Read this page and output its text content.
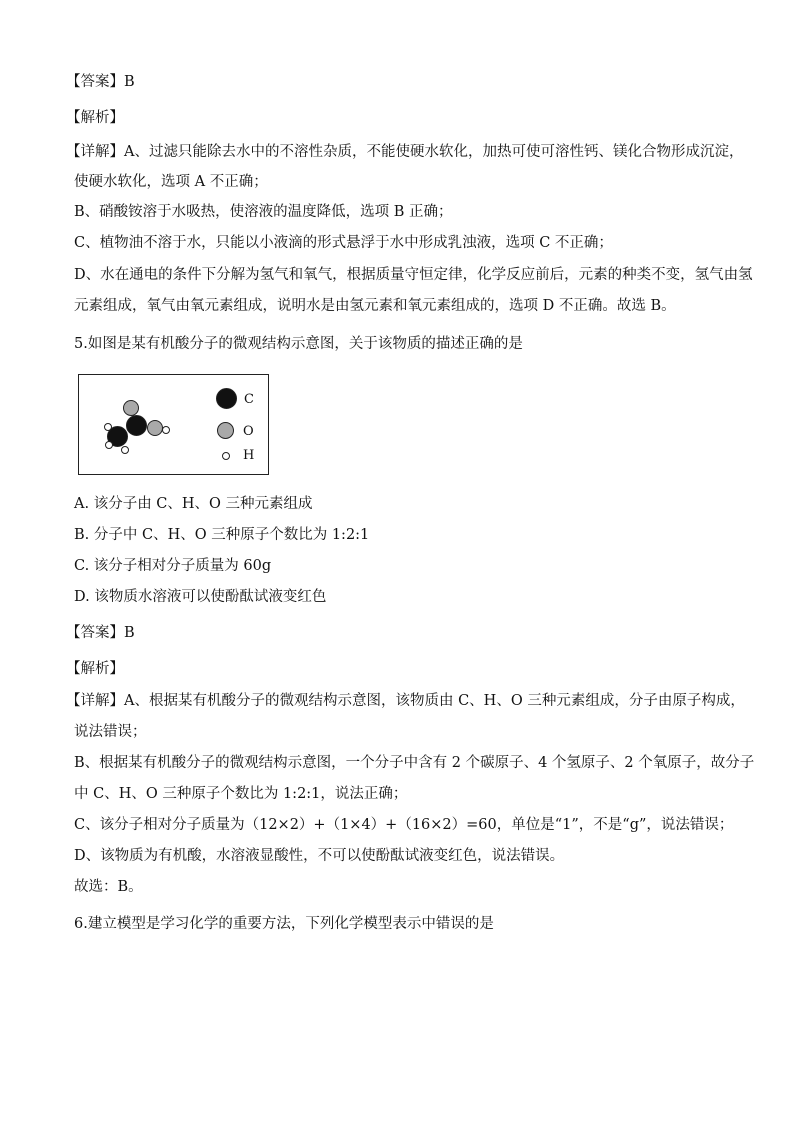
【答案】B
【解析】
【详解】A、过滤只能除去水中的不溶性杂质，不能使硬水软化，加热可使可溶性钙、镁化合物形成沉淀，
使硬水软化，选项 A 不正确；
B、硝酸铵溶于水吸热，使溶液的温度降低，选项 B 正确；
C、植物油不溶于水，只能以小液滴的形式悬浮于水中形成乳浊液，选项 C 不正确；
D、水在通电的条件下分解为氢气和氧气，根据质量守恒定律，化学反应前后，元素的种类不变，氢气由氢
元素组成，氧气由氧元素组成，说明水是由氢元素和氧元素组成的，选项 D 不正确。故选 B。
5.如图是某有机酸分子的微观结构示意图，关于该物质的描述正确的是
C
O
H
A. 该分子由 C、H、O 三种元素组成
B. 分子中 C、H、O 三种原子个数比为 1:2:1
C. 该分子相对分子质量为 60g
D. 该物质水溶液可以使酚酞试液变红色
【答案】B
【解析】
【详解】A、根据某有机酸分子的微观结构示意图，该物质由 C、H、O 三种元素组成，分子由原子构成，
说法错误；
B、根据某有机酸分子的微观结构示意图，一个分子中含有 2 个碳原子、4 个氢原子、2 个氧原子，故分子
中 C、H、O 三种原子个数比为 1:2:1，说法正确；
C、该分子相对分子质量为（12×2）+（1×4）+（16×2）=60，单位是“1”，不是“g”，说法错误；
D、该物质为有机酸，水溶液显酸性，不可以使酚酞试液变红色，说法错误。
故选：B。
6.建立模型是学习化学的重要方法，下列化学模型表示中错误的是
